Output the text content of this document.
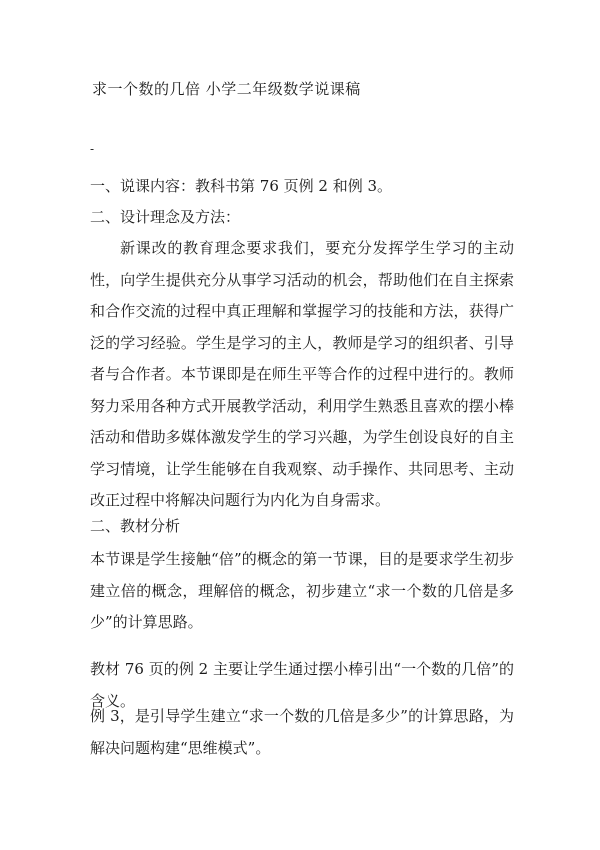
求一个数的几倍 小学二年级数学说课稿
-
一、说课内容：教科书第 76 页例 2 和例 3。
二、设计理念及方法：
新课改的教育理念要求我们，要充分发挥学生学习的主动性，向学生提供充分从事学习活动的机会，帮助他们在自主探索和合作交流的过程中真正理解和掌握学习的技能和方法，获得广泛的学习经验。学生是学习的主人，教师是学习的组织者、引导者与合作者。本节课即是在师生平等合作的过程中进行的。教师努力采用各种方式开展教学活动，利用学生熟悉且喜欢的摆小棒活动和借助多媒体激发学生的学习兴趣，为学生创设良好的自主学习情境，让学生能够在自我观察、动手操作、共同思考、主动改正过程中将解决问题行为内化为自身需求。
二、教材分析
本节课是学生接触“倍”的概念的第一节课，目的是要求学生初步建立倍的概念，理解倍的概念，初步建立“求一个数的几倍是多少”的计算思路。
教材 76 页的例 2 主要让学生通过摆小棒引出“一个数的几倍”的含义。
例 3，是引导学生建立“求一个数的几倍是多少”的计算思路，为解决问题构建“思维模式”。
